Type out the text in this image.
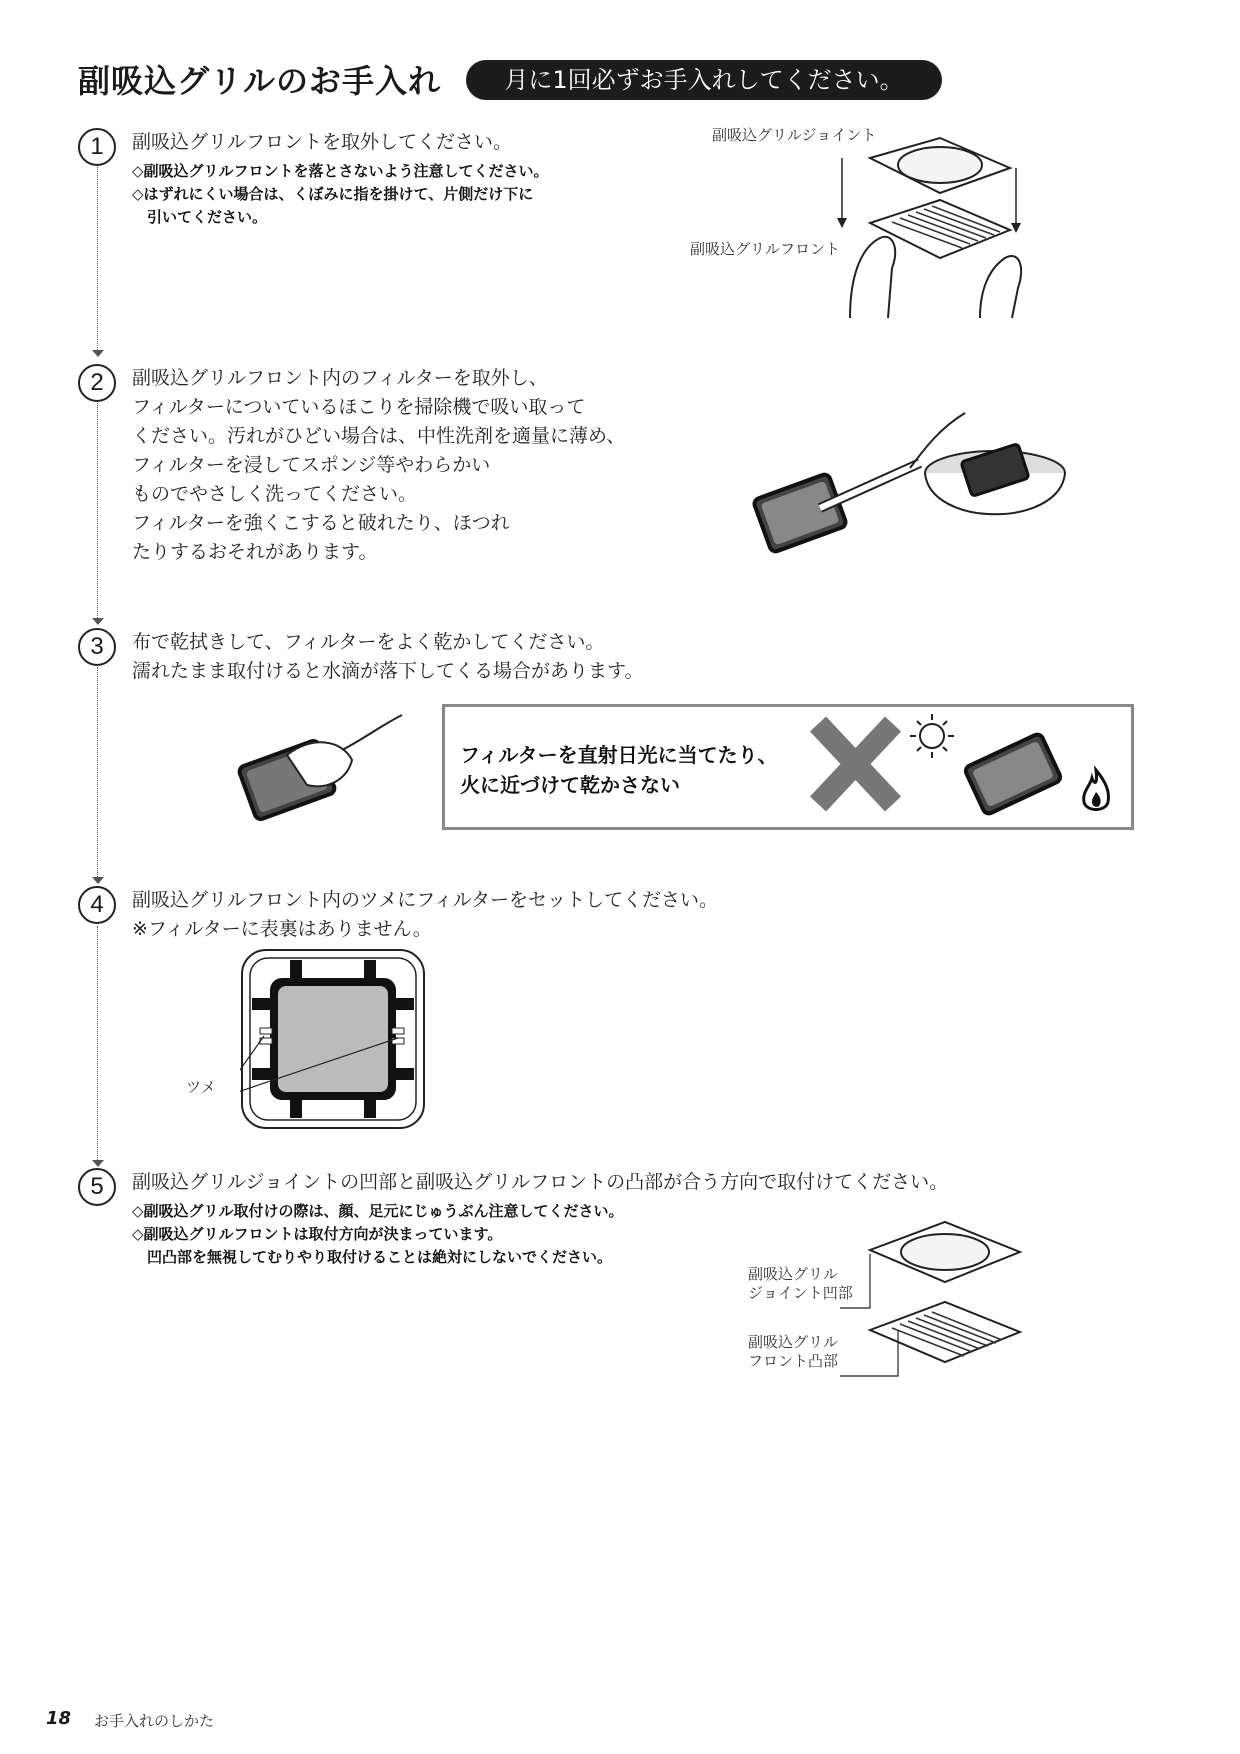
副吸込グリルのお手入れ	月に1回必ずお手入れしてください。
1	副吸込グリルフロントを取外してください。
◇副吸込グリルフロントを落とさないよう注意してください。
◇はずれにくい場合は、くぼみに指を掛けて、片側だけ下に
　引いてください。
副吸込グリルジョイント
副吸込グリルフロント
2	副吸込グリルフロント内のフィルターを取外し、
フィルターについているほこりを掃除機で吸い取って
ください。汚れがひどい場合は、中性洗剤を適量に薄め、
フィルターを浸してスポンジ等やわらかい
ものでやさしく洗ってください。
フィルターを強くこすると破れたり、ほつれ
たりするおそれがあります。
3	布で乾拭きして、フィルターをよく乾かしてください。
濡れたまま取付けると水滴が落下してくる場合があります。
フィルターを直射日光に当てたり、
火に近づけて乾かさない
4	副吸込グリルフロント内のツメにフィルターをセットしてください。
※フィルターに表裏はありません。
ツメ
5	副吸込グリルジョイントの凹部と副吸込グリルフロントの凸部が合う方向で取付けてください。
◇副吸込グリル取付けの際は、顔、足元にじゅうぶん注意してください。
◇副吸込グリルフロントは取付方向が決まっています。
　凹凸部を無視してむりやり取付けることは絶対にしないでください。
副吸込グリル
ジョイント凹部
副吸込グリル
フロント凸部
18 お手入れのしかた
